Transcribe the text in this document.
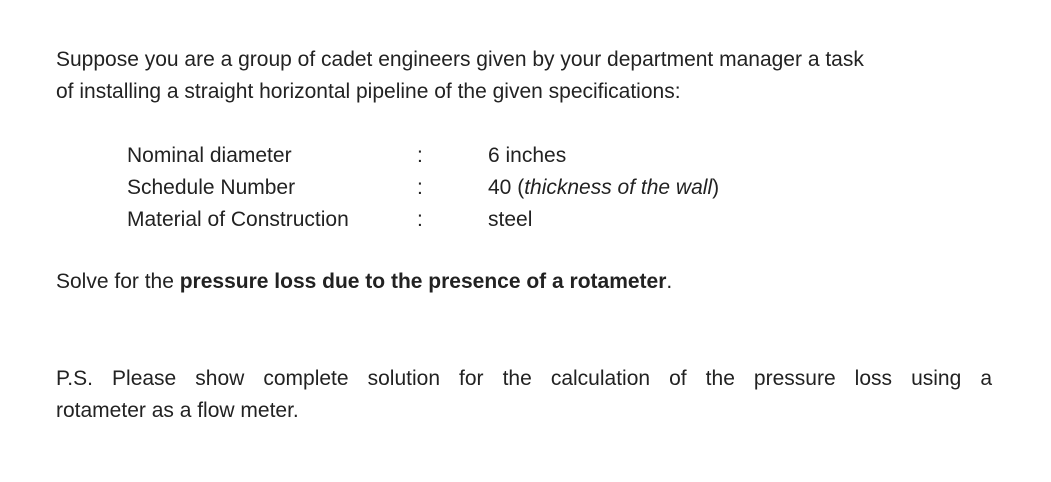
Suppose you are a group of cadet engineers given by your department manager a task
of installing a straight horizontal pipeline of the given specifications:

Nominal diameter	:	6 inches
Schedule Number	:	40 (thickness of the wall)
Material of Construction	:	steel

Solve for the pressure loss due to the presence of a rotameter.

P.S. Please show complete solution for the calculation of the pressure loss using a
rotameter as a flow meter.
